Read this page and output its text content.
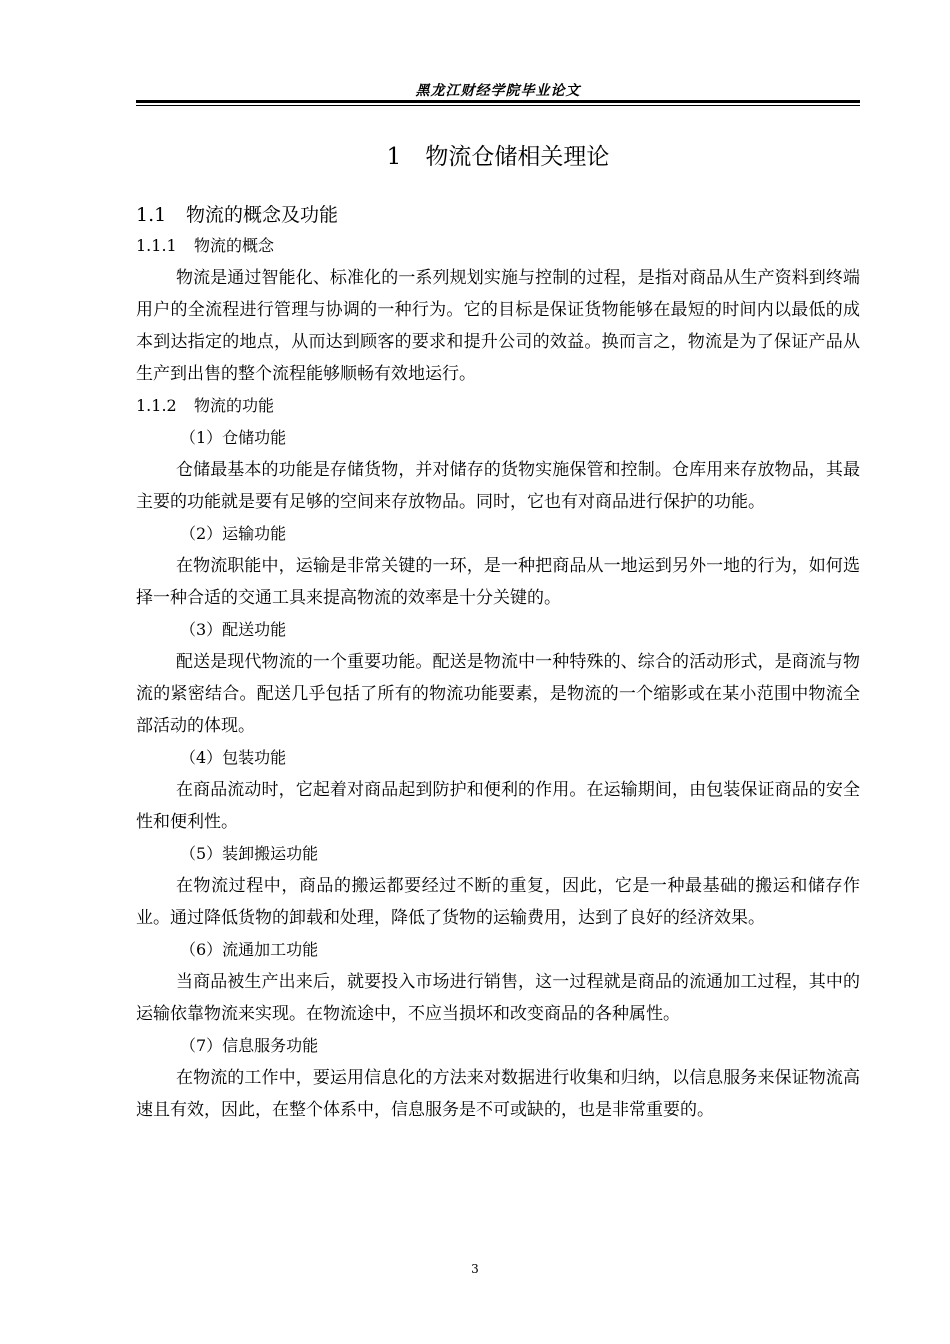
黑龙江财经学院毕业论文
1 物流仓储相关理论
1.1 物流的概念及功能
1.1.1 物流的概念

物流是通过智能化、标准化的一系列规划实施与控制的过程，是指对商品从生产资料到终端用户的全流程进行管理与协调的一种行为。它的目标是保证货物能够在最短的时间内以最低的成本到达指定的地点，从而达到顾客的要求和提升公司的效益。换而言之，物流是为了保证产品从生产到出售的整个流程能够顺畅有效地运行。

1.1.2 物流的功能

（1）仓储功能

仓储最基本的功能是存储货物，并对储存的货物实施保管和控制。仓库用来存放物品，其最主要的功能就是要有足够的空间来存放物品。同时，它也有对商品进行保护的功能。

（2）运输功能

在物流职能中，运输是非常关键的一环，是一种把商品从一地运到另外一地的行为，如何选择一种合适的交通工具来提高物流的效率是十分关键的。

（3）配送功能

配送是现代物流的一个重要功能。配送是物流中一种特殊的、综合的活动形式，是商流与物流的紧密结合。配送几乎包括了所有的物流功能要素，是物流的一个缩影或在某小范围中物流全部活动的体现。

（4）包装功能

在商品流动时，它起着对商品起到防护和便利的作用。在运输期间，由包装保证商品的安全性和便利性。

（5）装卸搬运功能

在物流过程中，商品的搬运都要经过不断的重复，因此，它是一种最基础的搬运和储存作业。通过降低货物的卸载和处理，降低了货物的运输费用，达到了良好的经济效果。

（6）流通加工功能

当商品被生产出来后，就要投入市场进行销售，这一过程就是商品的流通加工过程，其中的运输依靠物流来实现。在物流途中，不应当损坏和改变商品的各种属性。

（7）信息服务功能

在物流的工作中，要运用信息化的方法来对数据进行收集和归纳，以信息服务来保证物流高速且有效，因此，在整个体系中，信息服务是不可或缺的，也是非常重要的。

3
